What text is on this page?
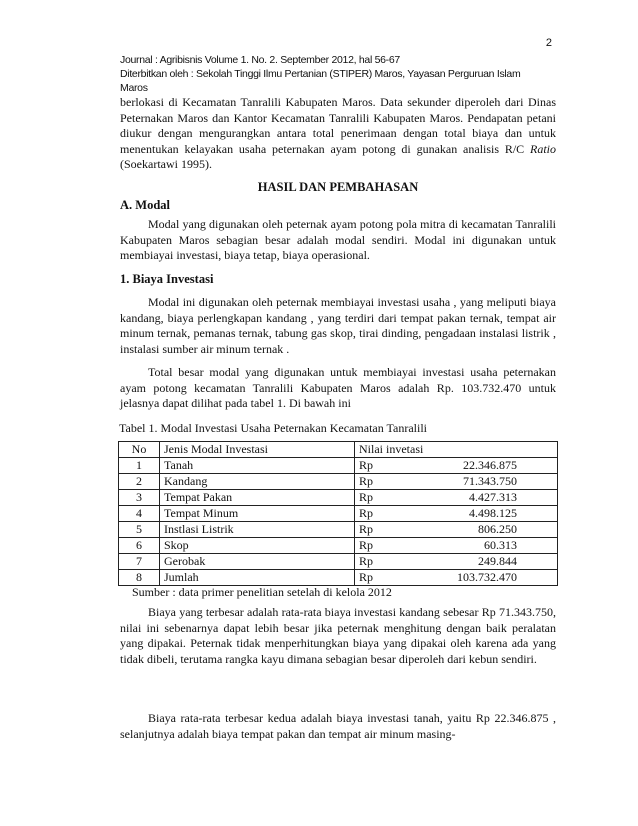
2
Journal : Agribisnis Volume 1. No. 2. September 2012, hal 56-67
Diterbitkan oleh : Sekolah Tinggi Ilmu Pertanian (STIPER) Maros, Yayasan Perguruan Islam
Maros

berlokasi di Kecamatan Tanralili Kabupaten Maros. Data sekunder diperoleh dari Dinas Peternakan Maros dan Kantor Kecamatan Tanralili Kabupaten Maros. Pendapatan petani diukur dengan mengurangkan antara total penerimaan dengan total biaya dan untuk menentukan kelayakan usaha peternakan ayam potong di gunakan analisis R/C Ratio (Soekartawi 1995).

HASIL DAN PEMBAHASAN
A. Modal

Modal yang digunakan oleh peternak ayam potong pola mitra di kecamatan Tanralili Kabupaten Maros sebagian besar adalah modal sendiri. Modal ini digunakan untuk membiayai investasi, biaya tetap, biaya operasional.

1. Biaya Investasi

Modal ini digunakan oleh peternak membiayai investasi usaha , yang meliputi biaya kandang, biaya perlengkapan kandang , yang terdiri dari tempat pakan ternak, tempat air minum ternak, pemanas ternak, tabung gas skop, tirai dinding, pengadaan instalasi listrik , instalasi sumber air minum ternak .

Total besar modal yang digunakan untuk membiayai investasi usaha peternakan ayam potong kecamatan Tanralili Kabupaten Maros adalah Rp. 103.732.470 untuk jelasnya dapat dilihat pada tabel 1. Di bawah ini

Tabel 1. Modal Investasi Usaha Peternakan Kecamatan Tanralili
No	Jenis Modal Investasi	Nilai invetasi	
1	Tanah	Rp	22.346.875
2	Kandang	Rp	71.343.750
3	Tempat Pakan	Rp	4.427.313
4	Tempat Minum	Rp	4.498.125
5	Instlasi Listrik	Rp	806.250
6	Skop	Rp	60.313
7	Gerobak	Rp	249.844
8	Jumlah	Rp	103.732.470
Sumber : data primer penelitian setelah di kelola 2012

Biaya yang terbesar adalah rata-rata biaya investasi kandang sebesar Rp 71.343.750, nilai ini sebenarnya dapat lebih besar jika peternak menghitung dengan baik peralatan yang dipakai. Peternak tidak menperhitungkan biaya yang dipakai oleh karena ada yang tidak dibeli, terutama rangka kayu dimana sebagian besar diperoleh dari kebun sendiri.

Biaya rata-rata terbesar kedua adalah biaya investasi tanah, yaitu Rp 22.346.875 , selanjutnya adalah biaya tempat pakan dan tempat air minum masing-
